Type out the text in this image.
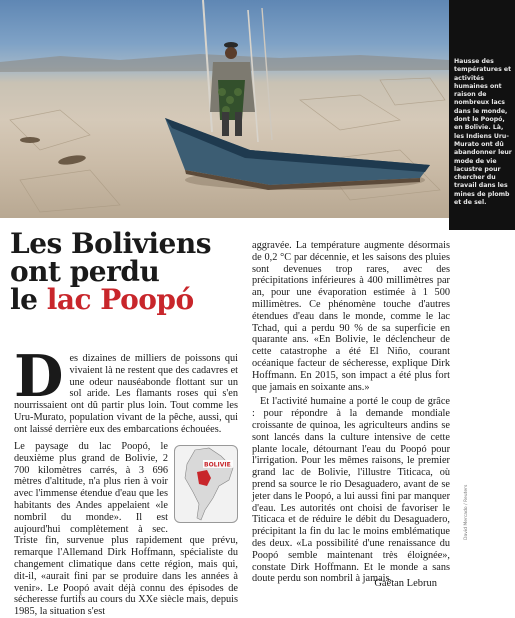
Hausse des températures et activités humaines ont raison de nombreux lacs dans le monde, dont le Poopó, en Bolivie. Là, les Indiens Uru-Murato ont dû abandonner leur mode de vie lacustre pour chercher du travail dans les mines de plomb et de sel.

Les Boliviens
ont perdu
le lac Poopó
Des dizaines de milliers de poissons qui vivaient là ne restent que des cadavres et une odeur nauséabonde flottant sur un sol aride. Les flamants roses qui s'en nourrissaient ont dû partir plus loin. Tout comme les Uru-Murato, population vivant de la pêche, aussi, qui ont laissé derrière eux des embarcations échouées.
BOLIVIE
Le paysage du lac Poopó, le deuxième plus grand de Bolivie, 2 700 kilomètres carrés, à 3 696 mètres d'altitude, n'a plus rien à voir avec l'immense étendue d'eau que les habitants des Andes appelaient «le nombril du monde». Il est aujourd'hui complètement à sec. Triste fin, survenue plus rapidement que prévu, remarque l'Allemand Dirk Hoffmann, spécialiste du changement climatique dans cette région, mais qui, dit-il, «aurait fini par se produire dans les années à venir». Le Poopó avait déjà connu des épisodes de sécheresse furtifs au cours du XXe siècle mais, depuis 1985, la situation s'est

aggravée. La température augmente désormais de 0,2 °C par décennie, et les saisons des pluies sont devenues trop rares, avec des précipitations inférieures à 400 millimètres par an, pour une évaporation estimée à 1 500 millimètres. Ce phénomène touche d'autres étendues d'eau dans le monde, comme le lac Tchad, qui a perdu 90 % de sa superficie en quarante ans. «En Bolivie, le déclencheur de cette catastrophe a été El Niño, courant océanique facteur de sécheresse, explique Dirk Hoffmann. En 2015, son impact a été plus fort que jamais en soixante ans.»

Et l'activité humaine a porté le coup de grâce : pour répondre à la demande mondiale croissante de quinoa, les agriculteurs andins se sont lancés dans la culture intensive de cette plante locale, détournant l'eau du Poopó pour l'irrigation. Pour les mêmes raisons, le premier grand lac de Bolivie, l'illustre Titicaca, où prend sa source le rio Desaguadero, avant de se jeter dans le Poopó, a lui aussi fini par manquer d'eau. Les autorités ont choisi de favoriser le Titicaca et de réduire le débit du Desaguadero, précipitant la fin du lac le moins emblématique des deux. «La possibilité d'une renaissance du Poopó semble maintenant très éloignée», constate Dirk Hoffmann. Et le monde a sans doute perdu son nombril à jamais.

David Mercado / Reuters

Gaëtan Lebrun
